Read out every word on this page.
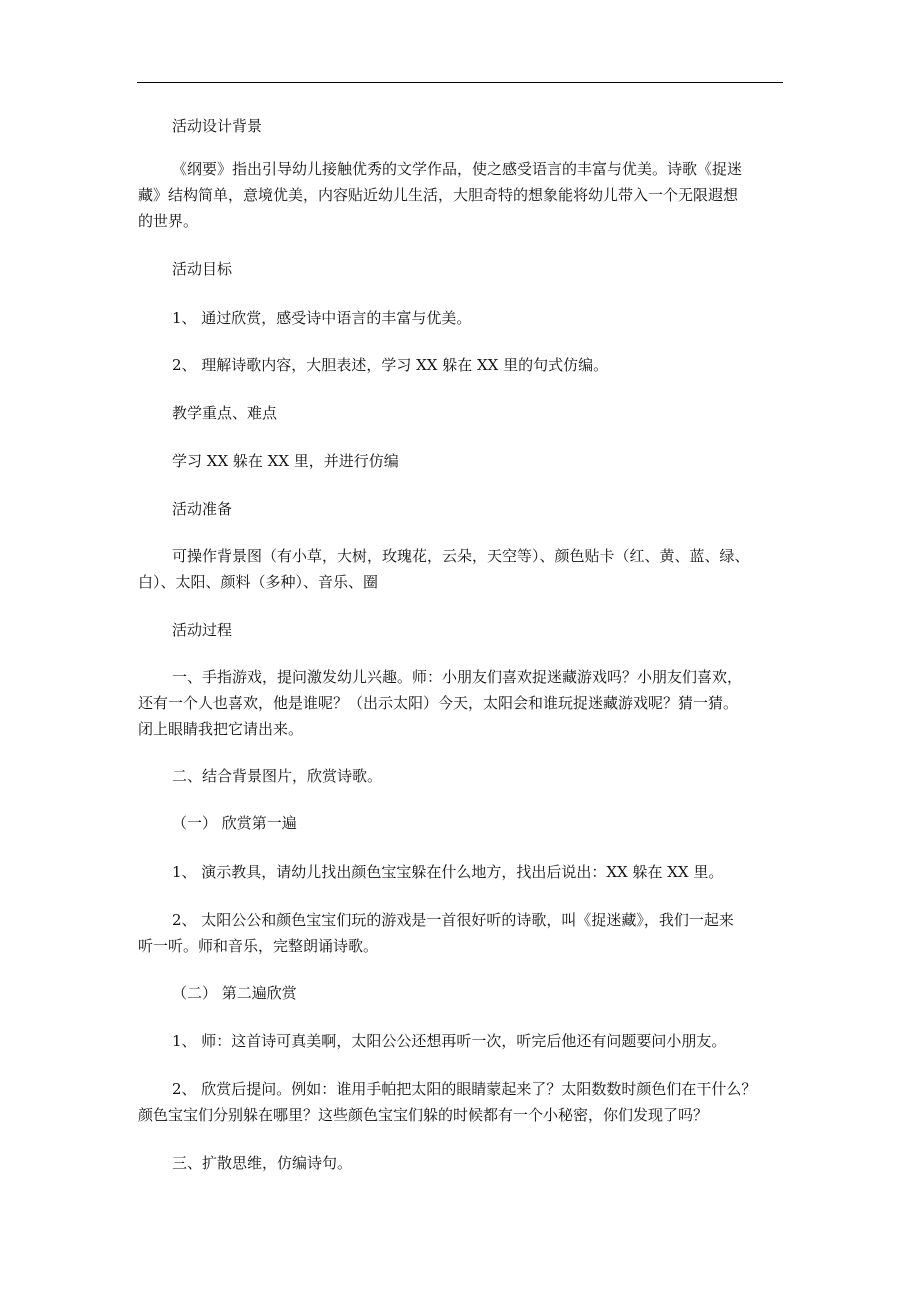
活动设计背景
《纲要》指出引导幼儿接触优秀的文学作品，使之感受语言的丰富与优美。诗歌《捉迷
藏》结构简单，意境优美，内容贴近幼儿生活，大胆奇特的想象能将幼儿带入一个无限遐想
的世界。
活动目标
1、 通过欣赏，感受诗中语言的丰富与优美。
2、 理解诗歌内容，大胆表述，学习 XX 躲在 XX 里的句式仿编。
教学重点、难点
学习 XX 躲在 XX 里，并进行仿编
活动准备
可操作背景图（有小草，大树，玫瑰花，云朵，天空等）、颜色贴卡（红、黄、蓝、绿、
白）、太阳、颜料（多种）、音乐、圈
活动过程
一、手指游戏，提问激发幼儿兴趣。师：小朋友们喜欢捉迷藏游戏吗？小朋友们喜欢，
还有一个人也喜欢，他是谁呢？（出示太阳）今天，太阳会和谁玩捉迷藏游戏呢？猜一猜。
闭上眼睛我把它请出来。
二、结合背景图片，欣赏诗歌。
（一） 欣赏第一遍
1、 演示教具，请幼儿找出颜色宝宝躲在什么地方，找出后说出：XX 躲在 XX 里。
2、 太阳公公和颜色宝宝们玩的游戏是一首很好听的诗歌，叫《捉迷藏》，我们一起来
听一听。师和音乐，完整朗诵诗歌。
（二） 第二遍欣赏
1、 师：这首诗可真美啊，太阳公公还想再听一次，听完后他还有问题要问小朋友。
2、 欣赏后提问。例如：谁用手帕把太阳的眼睛蒙起来了？太阳数数时颜色们在干什么？
颜色宝宝们分别躲在哪里？这些颜色宝宝们躲的时候都有一个小秘密，你们发现了吗？
三、扩散思维，仿编诗句。
